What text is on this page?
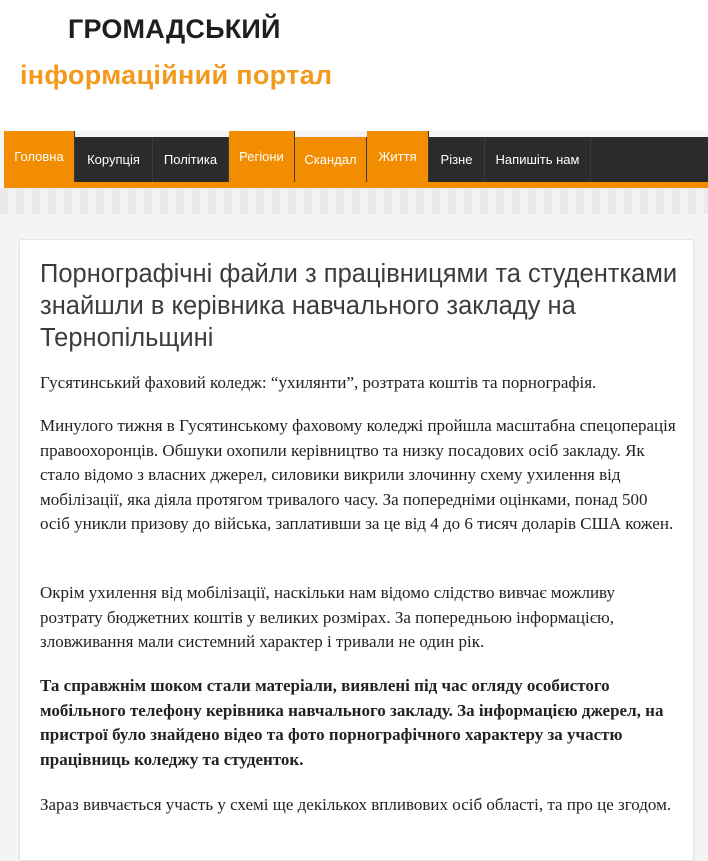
ГРОМАДСЬКИЙ
інформаційний портал
Головна	Корупція	Політика	Регіони	Скандал	Життя	Різне	Напишіть нам
Порнографічні файли з працівницями та студентками знайшли в керівника навчального закладу на Тернопільщині

Гусятинський фаховий коледж: “ухилянти”, розтрата коштів та порнографія.

Минулого тижня в Гусятинському фаховому коледжі пройшла масштабна спецоперація правоохоронців. Обшуки охопили керівництво та низку посадових осіб закладу. Як стало відомо з власних джерел, силовики викрили злочинну схему ухилення від мобілізації, яка діяла протягом тривалого часу. За попередніми оцінками, понад 500 осіб уникли призову до війська, заплативши за це від 4 до 6 тисяч доларів США кожен.

Окрім ухилення від мобілізації, наскільки нам відомо слідство вивчає можливу розтрату бюджетних коштів у великих розмірах. За попередньою інформацією, зловживання мали системний характер і тривали не один рік.

Та справжнім шоком стали матеріали, виявлені під час огляду особистого мобільного телефону керівника навчального закладу. За інформацією джерел, на пристрої було знайдено відео та фото порнографічного характеру за участю працівниць коледжу та студенток.

Зараз вивчається участь у схемі ще декількох впливових осіб області, та про це згодом.
